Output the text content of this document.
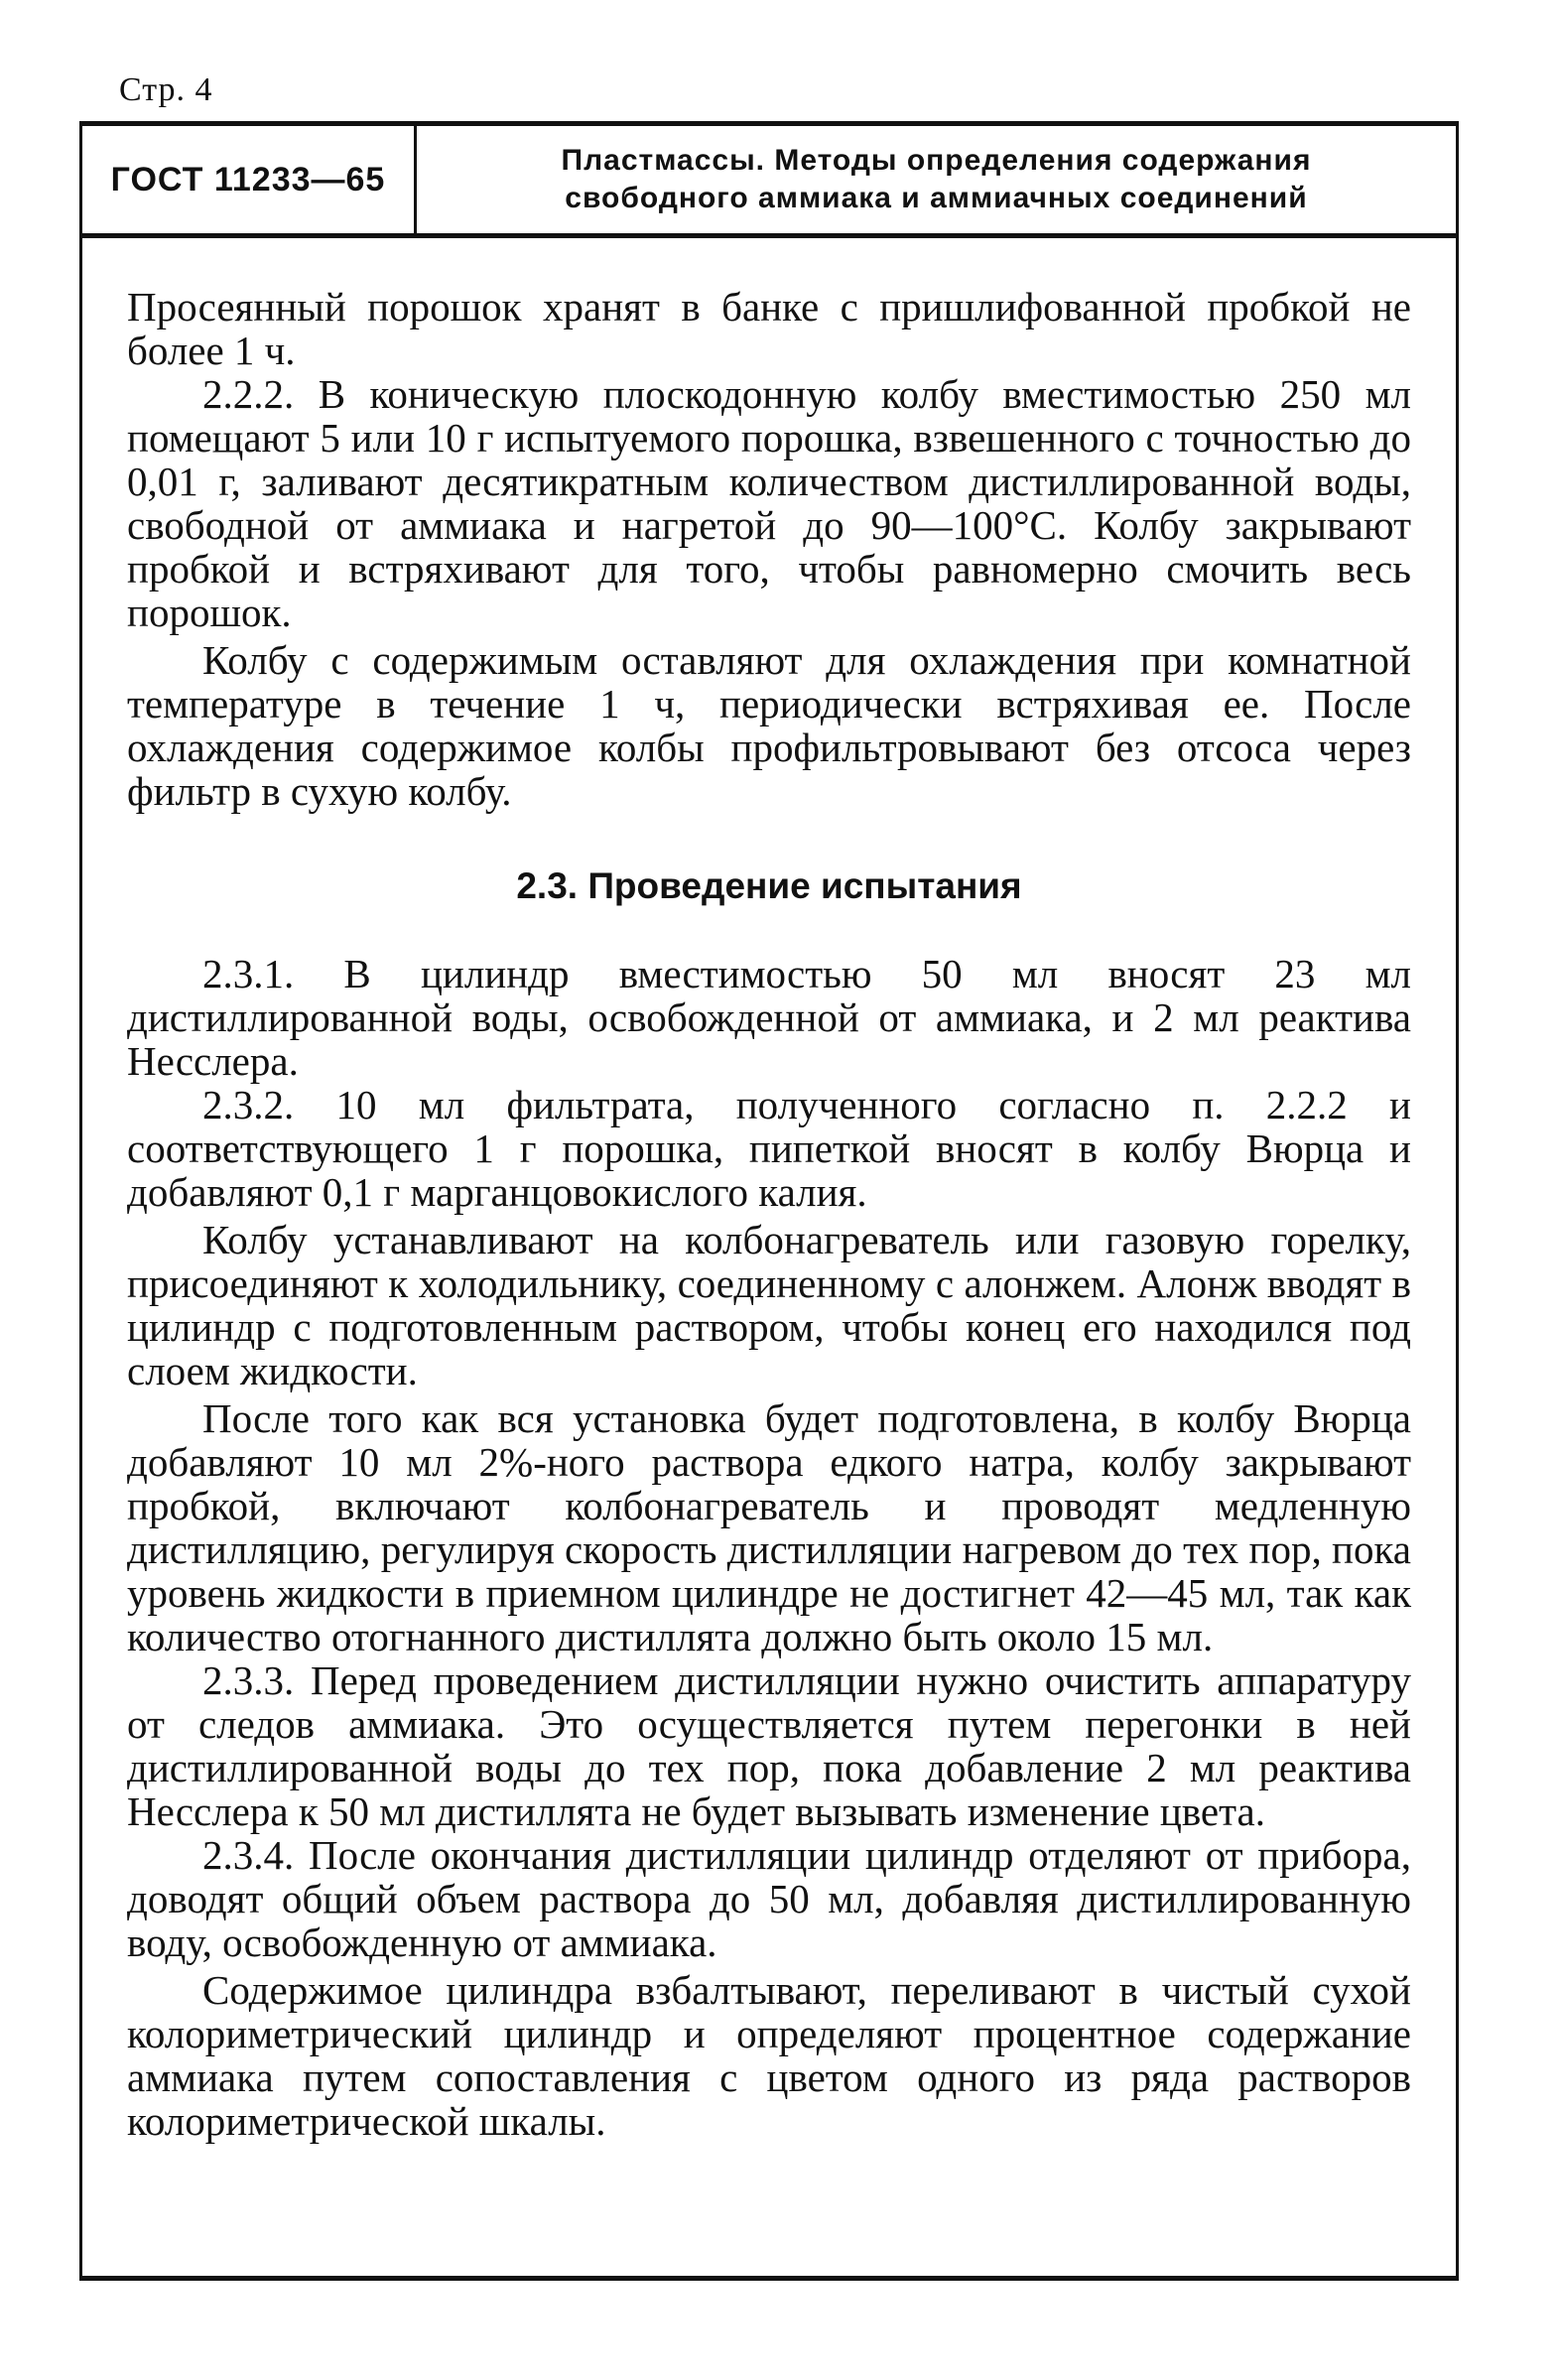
Стр. 4
ГОСТ 11233—65	Пластмассы. Методы определения содержания
свободного аммиака и аммиачных соединений

Просеянный порошок хранят в банке с пришлифованной пробкой не более 1 ч.

2.2.2. В коническую плоскодонную колбу вместимостью 250 мл помещают 5 или 10 г испытуемого порошка, взвешенного с точностью до 0,01 г, заливают десятикратным количеством дистиллированной воды, свободной от аммиака и нагретой до 90—100°С. Колбу закрывают пробкой и встряхивают для того, чтобы равномерно смочить весь порошок.

Колбу с содержимым оставляют для охлаждения при комнатной температуре в течение 1 ч, периодически встряхивая ее. После охлаждения содержимое колбы профильтровывают без отсоса через фильтр в сухую колбу.

2.3. Проведение испытания

2.3.1. В цилиндр вместимостью 50 мл вносят 23 мл дистиллированной воды, освобожденной от аммиака, и 2 мл реактива Несслера.

2.3.2. 10 мл фильтрата, полученного согласно п. 2.2.2 и соответствующего 1 г порошка, пипеткой вносят в колбу Вюрца и добавляют 0,1 г марганцовокислого калия.

Колбу устанавливают на колбонагреватель или газовую горелку, присоединяют к холодильнику, соединенному с алонжем. Алонж вводят в цилиндр с подготовленным раствором, чтобы конец его находился под слоем жидкости.

После того как вся установка будет подготовлена, в колбу Вюрца добавляют 10 мл 2%-ного раствора едкого натра, колбу закрывают пробкой, включают колбонагреватель и проводят медленную дистилляцию, регулируя скорость дистилляции нагревом до тех пор, пока уровень жидкости в приемном цилиндре не достигнет 42—45 мл, так как количество отогнанного дистиллята должно быть около 15 мл.

2.3.3. Перед проведением дистилляции нужно очистить аппаратуру от следов аммиака. Это осуществляется путем перегонки в ней дистиллированной воды до тех пор, пока добавление 2 мл реактива Несслера к 50 мл дистиллята не будет вызывать изменение цвета.

2.3.4. После окончания дистилляции цилиндр отделяют от прибора, доводят общий объем раствора до 50 мл, добавляя дистиллированную воду, освобожденную от аммиака.

Содержимое цилиндра взбалтывают, переливают в чистый сухой колориметрический цилиндр и определяют процентное содержание аммиака путем сопоставления с цветом одного из ряда растворов колориметрической шкалы.
